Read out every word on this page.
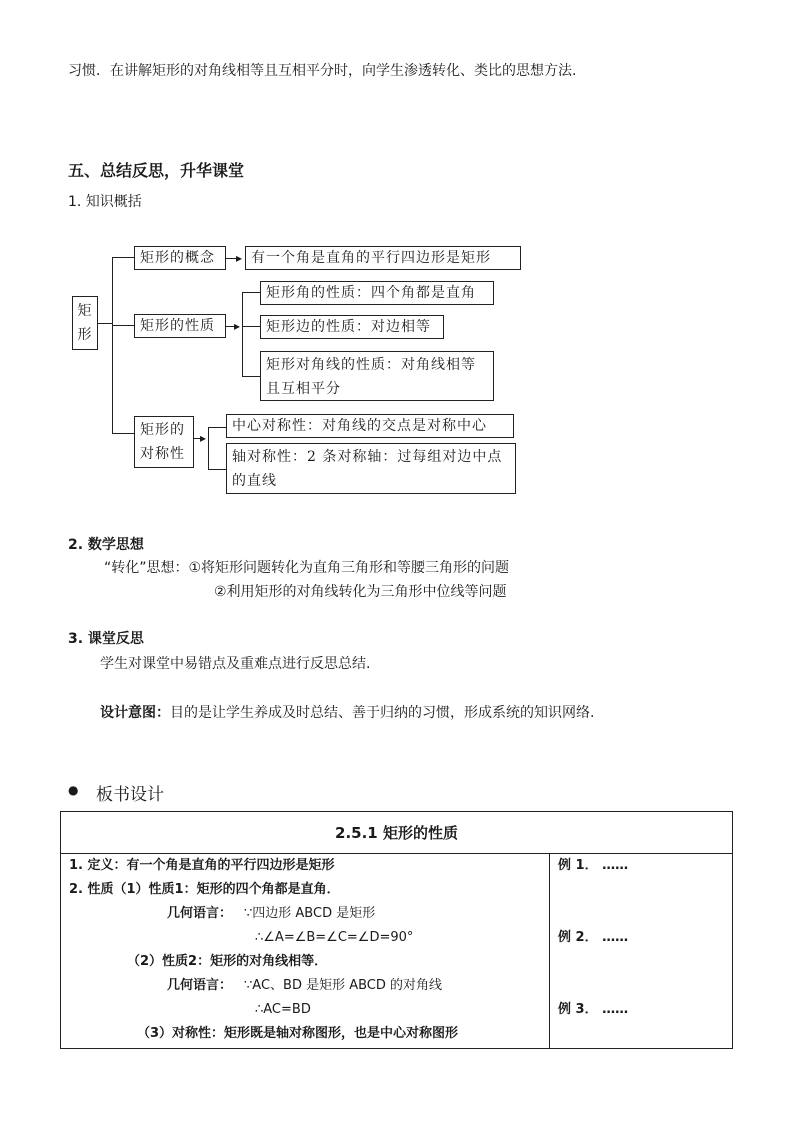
习惯．在讲解矩形的对角线相等且互相平分时，向学生渗透转化、类比的思想方法.
五、总结反思，升华课堂
1. 知识概括
矩形
矩形的概念	▸ 有一个角是直角的平行四边形是矩形
矩形的性质	▸
矩形角的性质：四个角都是直角
矩形边的性质：对边相等
矩形对角线的性质：对角线相等
且互相平分
矩形的
对称性
▸
中心对称性：对角线的交点是对称中心
轴对称性：2 条对称轴：过每组对边中点
的直线
2. 数学思想
“转化”思想：①将矩形问题转化为直角三角形和等腰三角形的问题
②利用矩形的对角线转化为三角形中位线等问题
3. 课堂反思
学生对课堂中易错点及重难点进行反思总结.
设计意图：目的是让学生养成及时总结、善于归纳的习惯，形成系统的知识网络.
● 板书设计
2.5.1 矩形的性质

1. 定义：有一个角是直角的平行四边形是矩形
2. 性质（1）性质1：矩形的四个角都是直角．
几何语言： ∵四边形 ABCD 是矩形
∴∠A=∠B=∠C=∠D=90°
（2）性质2：矩形的对角线相等．
几何语言： ∵AC、BD 是矩形 ABCD 的对角线
∴AC=BD
（3）对称性：矩形既是轴对称图形，也是中心对称图形

例 1． ……
例 2． ……
例 3． ……
